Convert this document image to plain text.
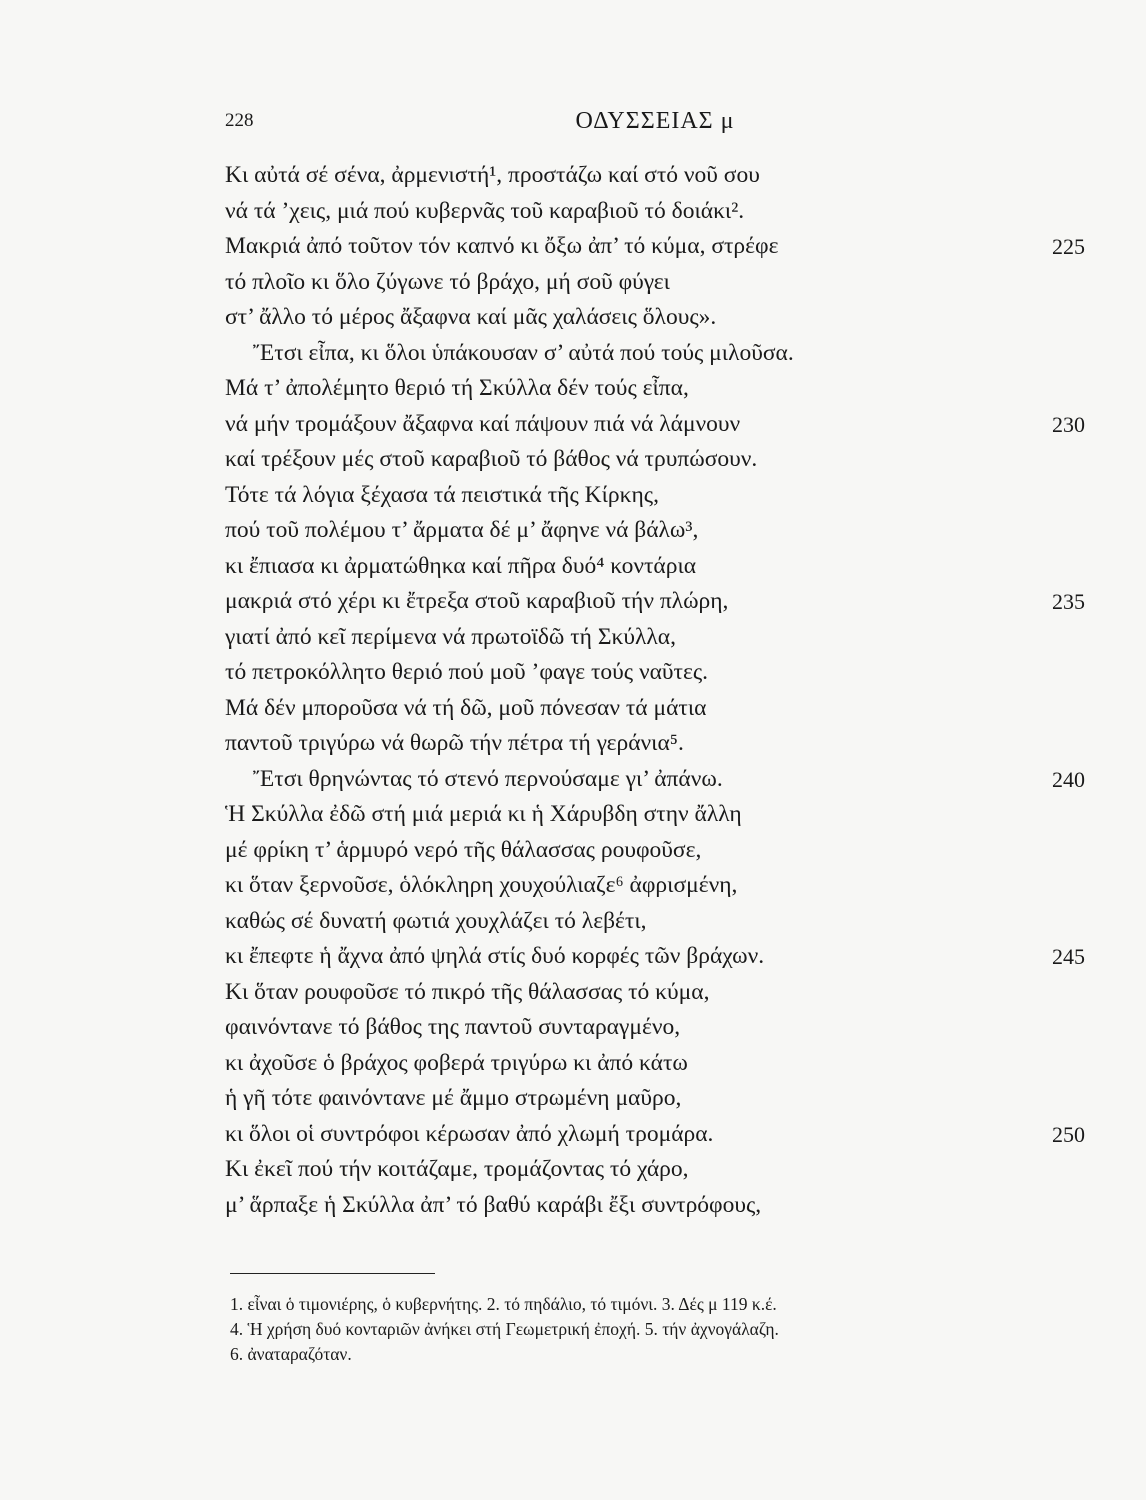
228	ΟΔΥΣΣΕΙΑΣ μ
Κι αὐτά σέ σένα, ἀρμενιστή¹, προστάζω καί στό νοῦ σου
νά τά ’χεις, μιά πού κυβερνᾶς τοῦ καραβιοῦ τό δοιάκι².
Μακριά ἀπό τοῦτον τόν καπνό κι ὄξω ἀπ’ τό κύμα, στρέφε	225
τό πλοῖο κι ὅλο ζύγωνε τό βράχο, μή σοῦ φύγει
στ’ ἄλλο τό μέρος ἄξαφνα καί μᾶς χαλάσεις ὅλους».
Ἔτσι εἶπα, κι ὅλοι ὑπάκουσαν σ’ αὐτά πού τούς μιλοῦσα.
Μά τ’ ἀπολέμητο θεριό τή Σκύλλα δέν τούς εἶπα,
νά μήν τρομάξουν ἄξαφνα καί πάψουν πιά νά λάμνουν	230
καί τρέξουν μές στοῦ καραβιοῦ τό βάθος νά τρυπώσουν.
Τότε τά λόγια ξέχασα τά πειστικά τῆς Κίρκης,
πού τοῦ πολέμου τ’ ἄρματα δέ μ’ ἄφηνε νά βάλω³,
κι ἔπιασα κι ἀρματώθηκα καί πῆρα δυό⁴ κοντάρια
μακριά στό χέρι κι ἔτρεξα στοῦ καραβιοῦ τήν πλώρη,	235
γιατί ἀπό κεῖ περίμενα νά πρωτοϊδῶ τή Σκύλλα,
τό πετροκόλλητο θεριό πού μοῦ ’φαγε τούς ναῦτες.
Μά δέν μποροῦσα νά τή δῶ, μοῦ πόνεσαν τά μάτια
παντοῦ τριγύρω νά θωρῶ τήν πέτρα τή γεράνια⁵.
Ἔτσι θρηνώντας τό στενό περνούσαμε γι’ ἀπάνω.	240
Ἡ Σκύλλα ἐδῶ στή μιά μεριά κι ἡ Χάρυβδη στην ἄλλη
μέ φρίκη τ’ ἁρμυρό νερό τῆς θάλασσας ρουφοῦσε,
κι ὅταν ξερνοῦσε, ὁλόκληρη χουχούλιαζε⁶ ἀφρισμένη,
καθώς σέ δυνατή φωτιά χουχλάζει τό λεβέτι,
κι ἔπεφτε ἡ ἄχνα ἀπό ψηλά στίς δυό κορφές τῶν βράχων.	245
Κι ὅταν ρουφοῦσε τό πικρό τῆς θάλασσας τό κύμα,
φαινόντανε τό βάθος της παντοῦ συνταραγμένο,
κι ἀχοῦσε ὁ βράχος φοβερά τριγύρω κι ἀπό κάτω
ἡ γῆ τότε φαινόντανε μέ ἄμμο στρωμένη μαῦρο,
κι ὅλοι οἱ συντρόφοι κέρωσαν ἀπό χλωμή τρομάρα.	250
Κι ἐκεῖ πού τήν κοιτάζαμε, τρομάζοντας τό χάρο,
μ’ ἅρπαξε ἡ Σκύλλα ἀπ’ τό βαθύ καράβι ἔξι συντρόφους,
1. εἶναι ὁ τιμονιέρης, ὁ κυβερνήτης. 2. τό πηδάλιο, τό τιμόνι. 3. Δές μ 119 κ.έ.
4. Ἡ χρήση δυό κονταριῶν ἀνήκει στή Γεωμετρική ἐποχή. 5. τήν ἀχνογάλαζη.
6. ἀναταραζόταν.
